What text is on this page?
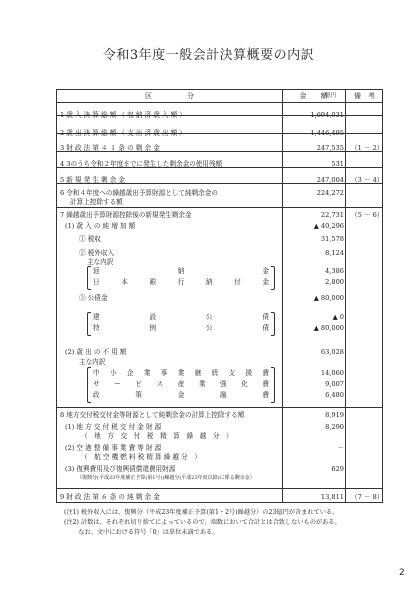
令和3年度一般会計決算概要の内訳
区　　　　　分	金　　額	備　考
億円
1 歳 入 決 算 総 額 （ 収 納 済 歳 入 額 ）	1,694,031
2 歳 出 決 算 総 額 （ 支 出 済 歳 出 額 ）	1,446,495
3 財 政 法 第 ４ １ 条 の 剰 余 金	247,535 （1 － 2）
4 3のうち令和２年度までに発生した剰余金の使用残額	531
5 新 規 発 生 剰 余 金	247,004 （3 － 4）
6 令和４年度への繰越歳出予算財源として純剰余金の	224,272
計算上控除する額
7 繰越歳出予算財源控除後の新規発生剰余金	22,731 （5 － 6）
(1) 歳 入 の 純 増 加 額	▲ 40,296
① 税収	31,578
② 税外収入	8,124
主な内訳
返　　　　　納　　　　　金	4,386
日　本　銀　行　納　付　金	2,800
③ 公債金	▲ 80,000
建　　　設　　　公　　　債	▲ 0
特　　　例　　　公　　　債	▲ 80,000
(2) 歳 出 の 不 用 額	63,028
主な内訳
中 小 企 業 事 業 継 続 支 援 費	14,060
サ ー ビ ス 産 業 強 化 費	9,007
政　　策　　金　　融　　費	6,480
8 地方交付税交付金等財源として純剰余金の計算上控除する額	8,919
(1) 地 方 交 付 税 交 付 金 財 源	8,290
（　地　方　交　付　税　精　算　繰　越　分　）
(2) 空 港 整 備 事 業 費 等 財 源	－
（　航 空 機 燃 料 税 精 算 繰 越 分　）
(3) 復興費用及び復興債償還費用財源	629
（復興分(平成23年度補正予算(第1号))繰越分(平成23年度以降)に係る剰余金）
9 財 政 法 第 ６ 条 の 純 剰 余 金	13,811 （7 － 8）
(注1) 税外収入には、復興分（平成23年度補正予算(第1・2号)繰越分）の23億円が含まれている。
(注2) 計数は、それぞれ切り捨てによっているので、端数において合計とは合致しないものがある。
　　 なお、文中における符号「0」は単位未満である。
2
